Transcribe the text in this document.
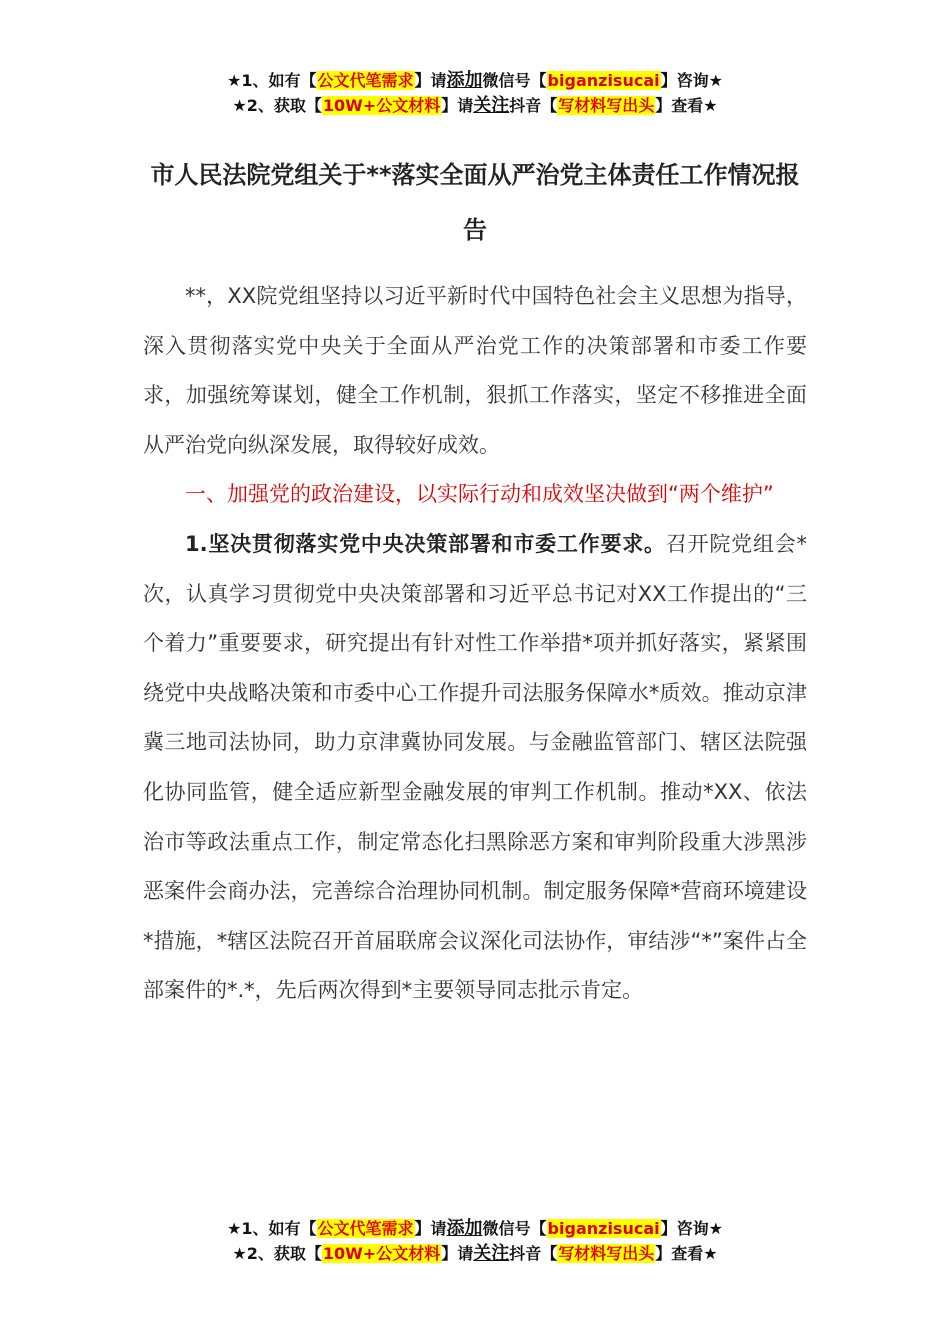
★1、如有【公文代笔需求】请添加微信号【biganzisucai】咨询★
★2、获取【10W+公文材料】请关注抖音【写材料写出头】查看★
市人民法院党组关于**落实全面从严治党主体责任工作情况报告

**，XX院党组坚持以习近平新时代中国特色社会主义思想为指导，深入贯彻落实党中央关于全面从严治党工作的决策部署和市委工作要求，加强统筹谋划，健全工作机制，狠抓工作落实，坚定不移推进全面从严治党向纵深发展，取得较好成效。

一、加强党的政治建设，以实际行动和成效坚决做到“两个维护”

1.坚决贯彻落实党中央决策部署和市委工作要求。召开院党组会*次，认真学习贯彻党中央决策部署和习近平总书记对XX工作提出的“三个着力”重要要求，研究提出有针对性工作举措*项并抓好落实，紧紧围绕党中央战略决策和市委中心工作提升司法服务保障水*质效。推动京津冀三地司法协同，助力京津冀协同发展。与金融监管部门、辖区法院强化协同监管，健全适应新型金融发展的审判工作机制。推动*XX、依法治市等政法重点工作，制定常态化扫黑除恶方案和审判阶段重大涉黑涉恶案件会商办法，完善综合治理协同机制。制定服务保障*营商环境建设*措施，*辖区法院召开首届联席会议深化司法协作，审结涉“*”案件占全部案件的*.*，先后两次得到*主要领导同志批示肯定。

★1、如有【公文代笔需求】请添加微信号【biganzisucai】咨询★
★2、获取【10W+公文材料】请关注抖音【写材料写出头】查看★
